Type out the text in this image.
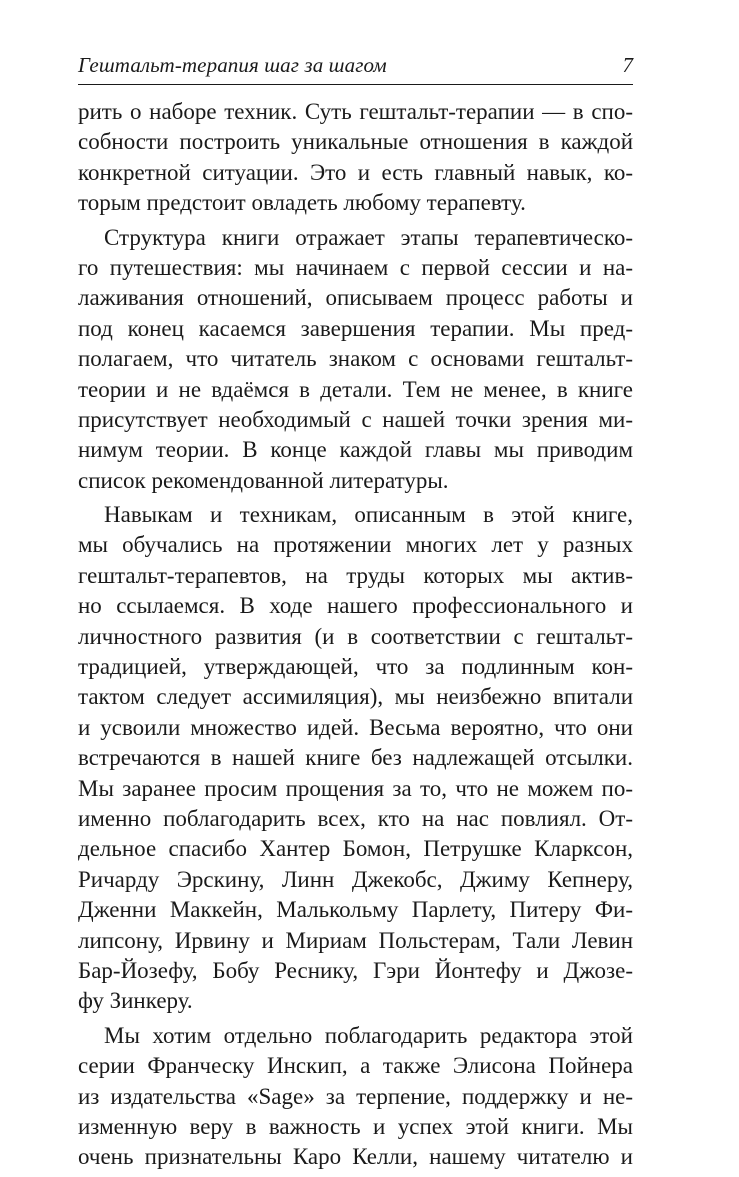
Гештальт-терапия шаг за шагом	7
рить о наборе техник. Суть гештальт-терапии — в спо-
собности построить уникальные отношения в каждой
конкретной ситуации. Это и есть главный навык, ко-
торым предстоит овладеть любому терапевту.
Структура книги отражает этапы терапевтическо-
го путешествия: мы начинаем с первой сессии и на-
лаживания отношений, описываем процесс работы и
под конец касаемся завершения терапии. Мы пред-
полагаем, что читатель знаком с основами гештальт-
теории и не вдаёмся в детали. Тем не менее, в книге
присутствует необходимый с нашей точки зрения ми-
нимум теории. В конце каждой главы мы приводим
список рекомендованной литературы.
Навыкам и техникам, описанным в этой книге,
мы обучались на протяжении многих лет у разных
гештальт-терапевтов, на труды которых мы актив‑
но ссылаемся. В ходе нашего профессионального и
личностного развития (и в соответствии с гештальт-
традицией, утверждающей, что за подлинным кон-
тактом следует ассимиляция), мы неизбежно впитали
и усвоили множество идей. Весьма вероятно, что они
встречаются в нашей книге без надлежащей отсылки.
Мы заранее просим прощения за то, что не можем по-
именно поблагодарить всех, кто на нас повлиял. От-
дельное спасибо Хантер Бомон, Петрушке Кларксон,
Ричарду Эрскину, Линн Джекобс, Джиму Кепнеру,
Дженни Маккейн, Малькольму Парлету, Питеру Фи-
липсону, Ирвину и Мириам Польстерам, Тали Левин
Бар-Йозефу, Бобу Реснику, Гэри Йонтефу и Джозе-
фу Зинкеру.
Мы хотим отдельно поблагодарить редактора этой
серии Франческу Инскип, а также Элисона Пойнера
из издательства «Sage» за терпение, поддержку и не-
изменную веру в важность и успех этой книги. Мы
очень признательны Каро Келли, нашему читателю и
